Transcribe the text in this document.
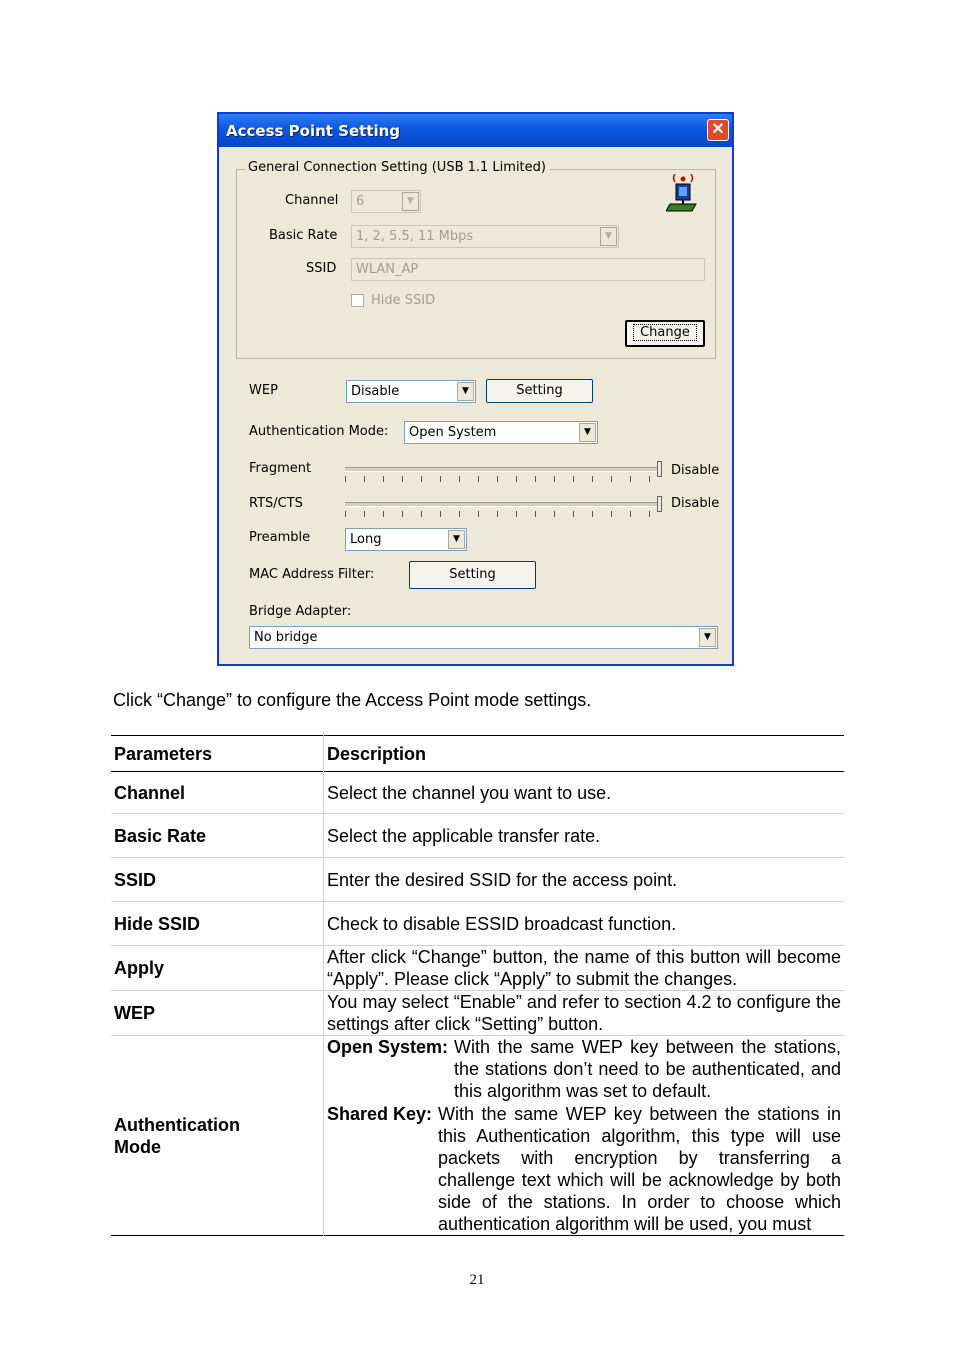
Access Point Setting	✕
General Connection Setting (USB 1.1 Limited)
Channel	6	▼
Basic Rate	1, 2, 5.5, 11 Mbps	▼
SSID	WLAN_AP
Hide SSID
Change
WEP	Disable	▼	Setting
Authentication Mode:	Open System	▼
Fragment	Disable
RTS/CTS	Disable
Preamble	Long	▼
MAC Address Filter:	Setting
Bridge Adapter:
No bridge	▼
Click “Change” to configure the Access Point mode settings.
Parameters	Description
Channel	Select the channel you want to use.
Basic Rate	Select the applicable transfer rate.
SSID	Enter the desired SSID for the access point.
Hide SSID	Check to disable ESSID broadcast function.
Apply	After click “Change” button, the name of this button will become “Apply”. Please click “Apply” to submit the changes.
WEP	You may select “Enable” and refer to section 4.2 to configure the settings after click “Setting” button.
Authentication Mode	Open System: With the same WEP key between the stations, the stations don’t need to be authenticated, and this algorithm was set to default.
Shared Key: With the same WEP key between the stations in this Authentication algorithm, this type will use packets with encryption by transferring a challenge text which will be acknowledge by both side of the stations. In order to choose which authentication algorithm will be used, you must
21
